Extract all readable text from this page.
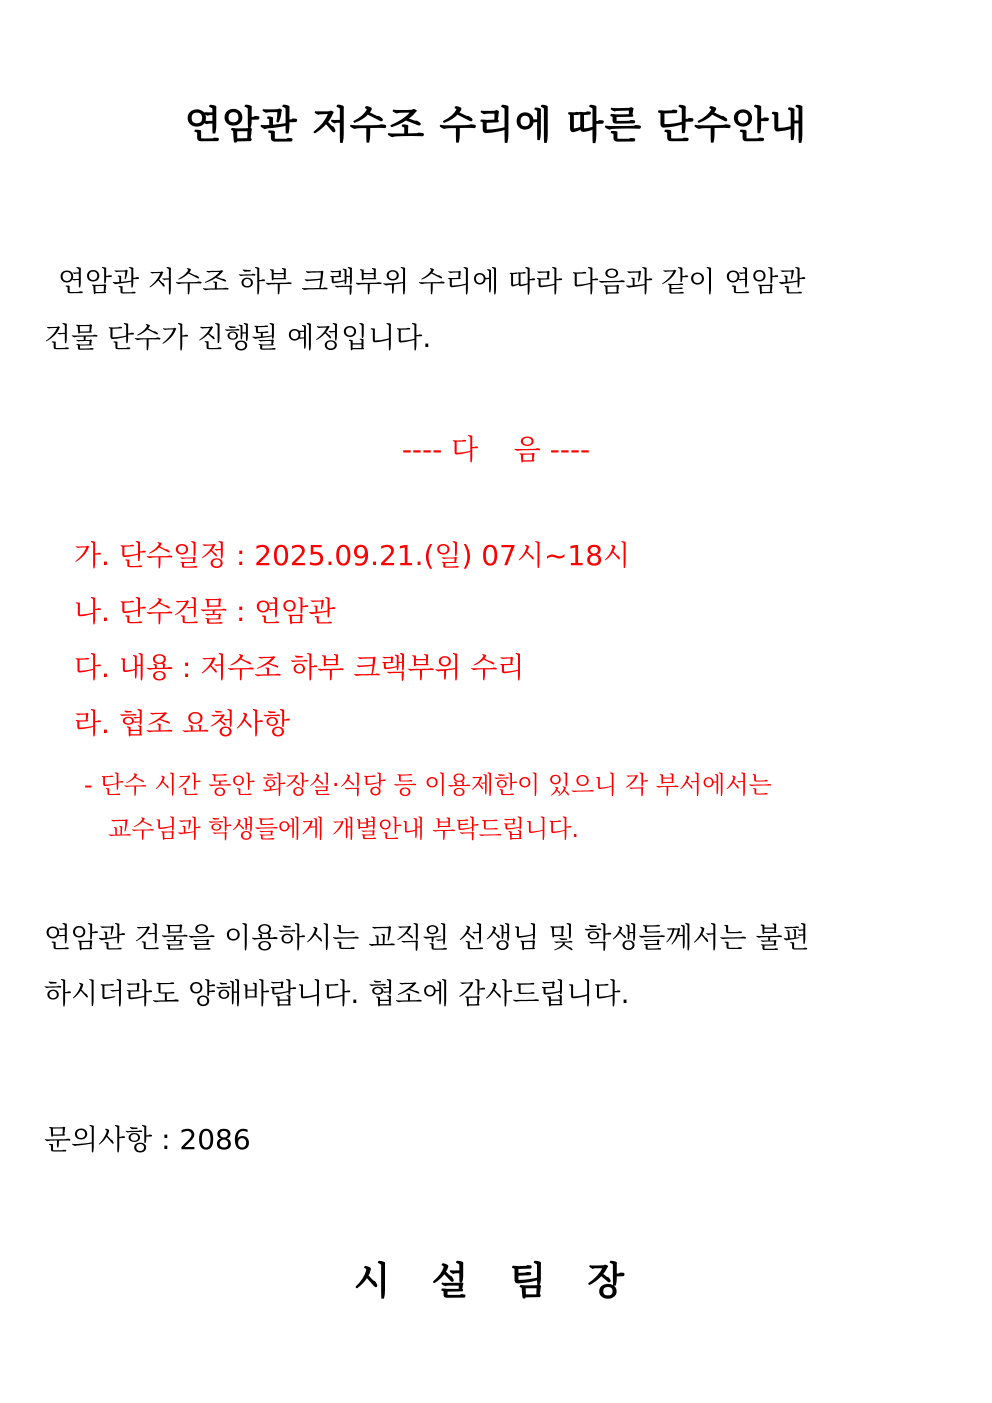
연암관 저수조 수리에 따른 단수안내
연암관 저수조 하부 크랙부위 수리에 따라 다음과 같이 연암관
건물 단수가 진행될 예정입니다.
---- 다    음 ----
가. 단수일정 : 2025.09.21.(일) 07시~18시
나. 단수건물 : 연암관
다. 내용 : 저수조 하부 크랙부위 수리
라. 협조 요청사항
- 단수 시간 동안 화장실·식당 등 이용제한이 있으니 각 부서에서는
교수님과 학생들에게 개별안내 부탁드립니다.
연암관 건물을 이용하시는 교직원 선생님 및 학생들께서는 불편
하시더라도 양해바랍니다. 협조에 감사드립니다.
문의사항 : 2086
시 설 팀 장
